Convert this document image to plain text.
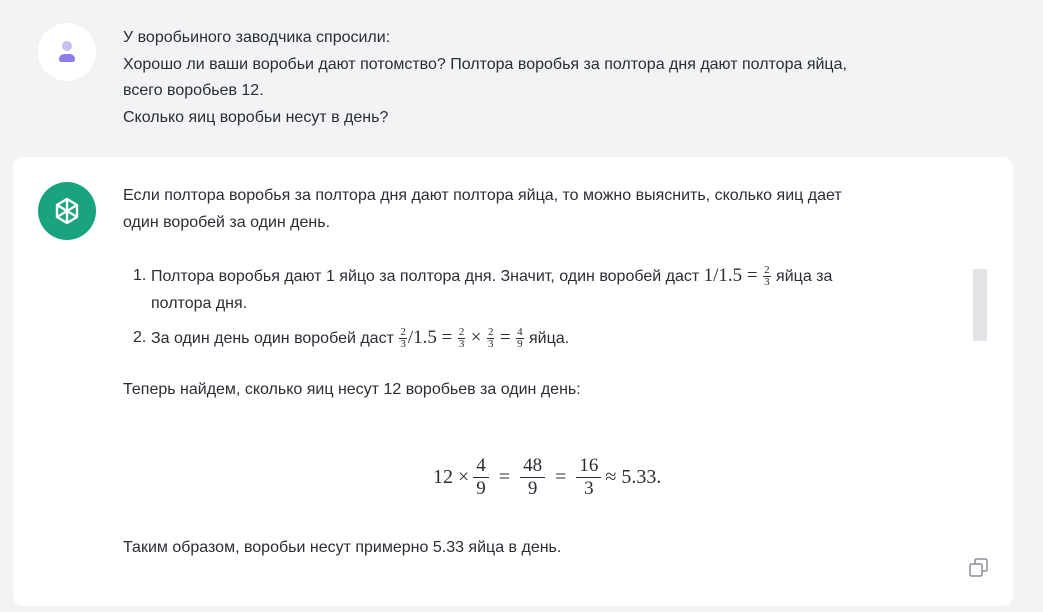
У воробьиного заводчика спросили:
Хорошо ли ваши воробьи дают потомство? Полтора воробья за полтора дня дают полтора яйца,
всего воробьев 12.
Сколько яиц воробьи несут в день?

Если полтора воробья за полтора дня дают полтора яйца, то можно выяснить, сколько яиц дает
один воробей за один день.

1. Полтора воробья дают 1 яйцо за полтора дня. Значит, один воробей даст $1/1.5 = \frac{2}{3}$ яйца за
полтора дня.
2. За один день один воробей даст $\frac{2}{3} /1.5 = \frac{2}{3} \times \frac{2}{3} = \frac{4}{9}$ яйца.

Теперь найдем, сколько яиц несут 12 воробьев за один день:

$12 \times \frac{4}{9} = \frac{48}{9} = \frac{16}{3} \approx 5.33$.

Таким образом, воробьи несут примерно 5.33 яйца в день.
